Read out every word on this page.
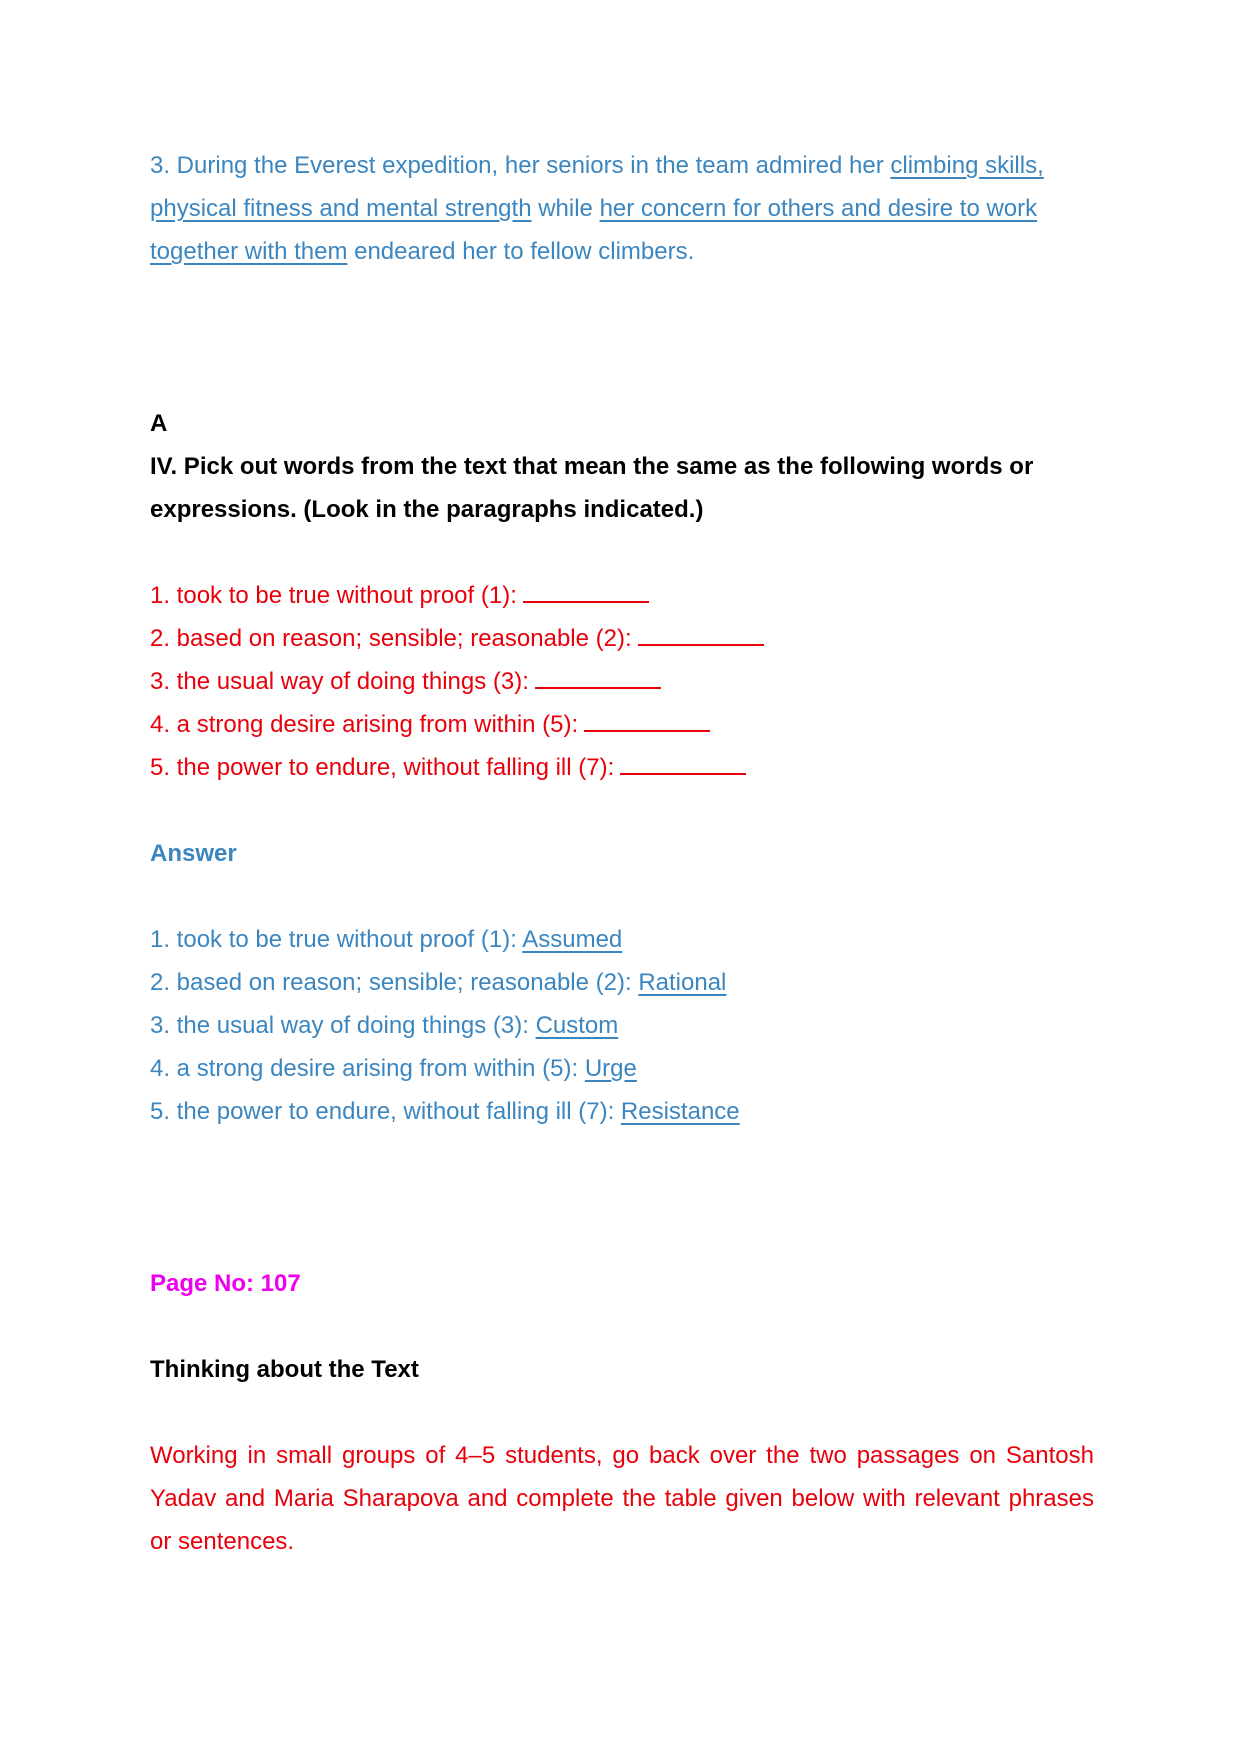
3. During the Everest expedition, her seniors in the team admired her climbing skills, physical fitness and mental strength while her concern for others and desire to work together with them endeared her to fellow climbers.

A

IV. Pick out words from the text that mean the same as the following words or expressions. (Look in the paragraphs indicated.)

1. took to be true without proof (1):
2. based on reason; sensible; reasonable (2):
3. the usual way of doing things (3):
4. a strong desire arising from within (5):
5. the power to endure, without falling ill (7):

Answer

1. took to be true without proof (1): Assumed
2. based on reason; sensible; reasonable (2): Rational
3. the usual way of doing things (3): Custom
4. a strong desire arising from within (5): Urge
5. the power to endure, without falling ill (7): Resistance

Page No: 107

Thinking about the Text

Working in small groups of 4–5 students, go back over the two passages on Santosh Yadav and Maria Sharapova and complete the table given below with relevant phrases or sentences.
